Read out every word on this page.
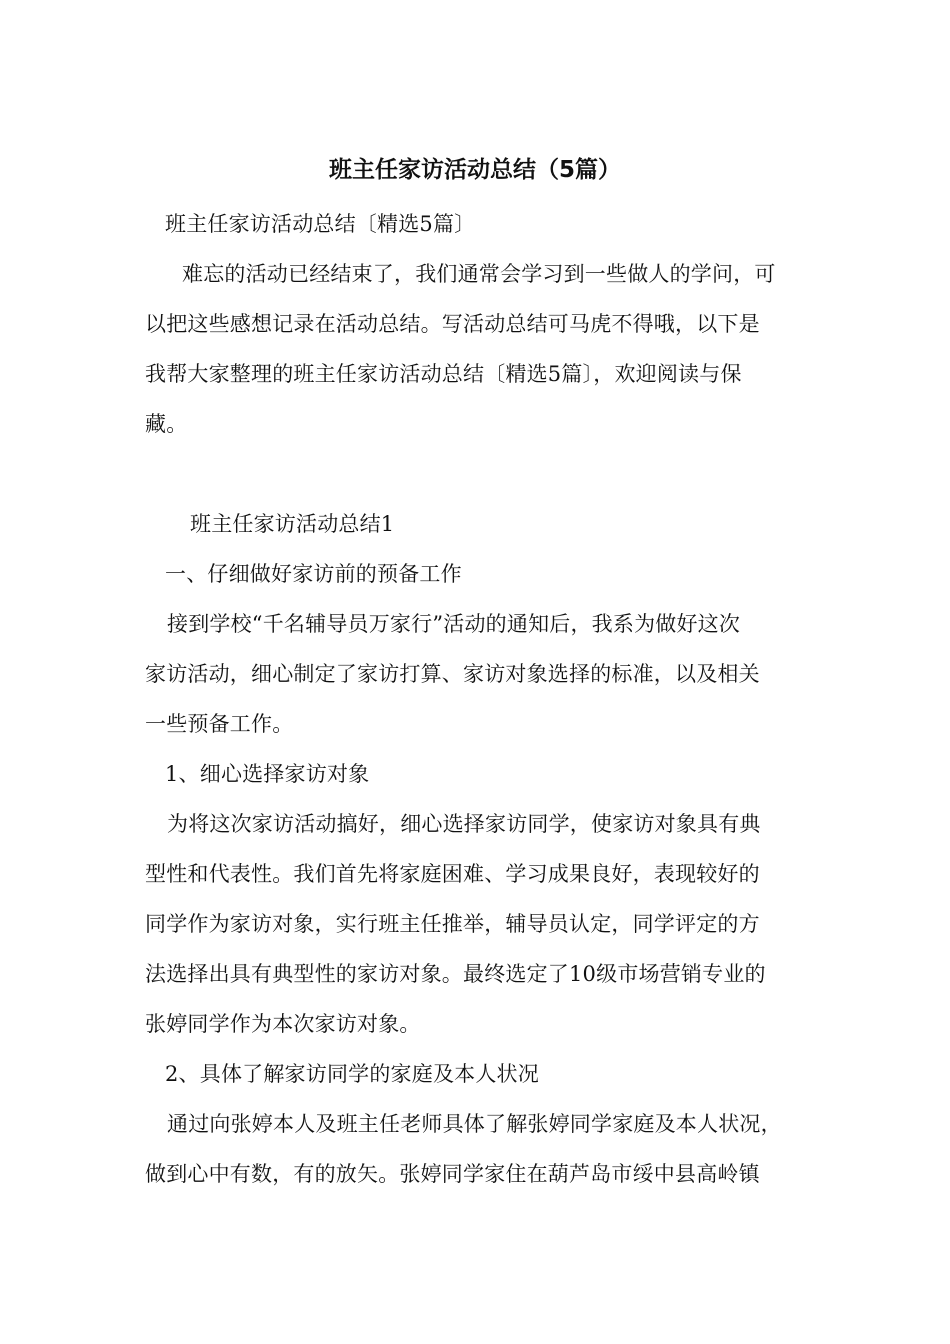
班主任家访活动总结（5篇）
班主任家访活动总结〔精选5篇〕
难忘的活动已经结束了，我们通常会学习到一些做人的学问，可
以把这些感想记录在活动总结。写活动总结可马虎不得哦，以下是
我帮大家整理的班主任家访活动总结〔精选5篇〕，欢迎阅读与保
藏。
班主任家访活动总结1
一、仔细做好家访前的预备工作
接到学校“千名辅导员万家行”活动的通知后，我系为做好这次
家访活动，细心制定了家访打算、家访对象选择的标准，以及相关
一些预备工作。
1、细心选择家访对象
为将这次家访活动搞好，细心选择家访同学，使家访对象具有典
型性和代表性。我们首先将家庭困难、学习成果良好，表现较好的
同学作为家访对象，实行班主任推举，辅导员认定，同学评定的方
法选择出具有典型性的家访对象。最终选定了10级市场营销专业的
张婷同学作为本次家访对象。
2、具体了解家访同学的家庭及本人状况
通过向张婷本人及班主任老师具体了解张婷同学家庭及本人状况，
做到心中有数，有的放矢。张婷同学家住在葫芦岛市绥中县高岭镇
